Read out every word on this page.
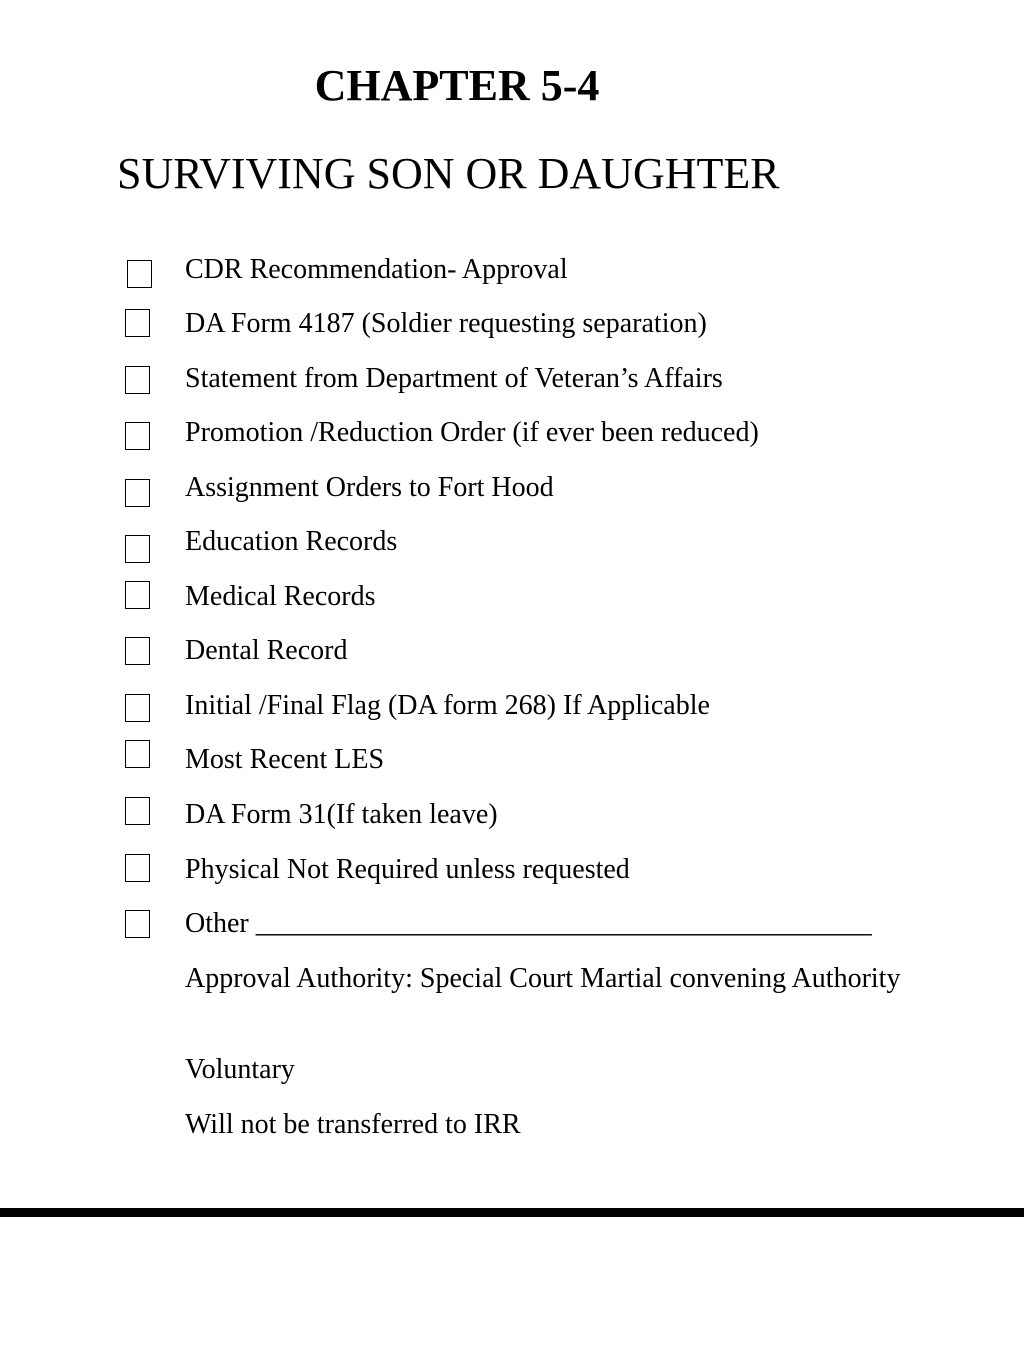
CHAPTER 5-4
SURVIVING SON OR DAUGHTER
CDR Recommendation- Approval
DA Form 4187 (Soldier requesting separation)
Statement from Department of Veteran’s Affairs
Promotion /Reduction Order (if ever been reduced)
Assignment Orders to Fort Hood
Education Records
Medical Records
Dental Record
Initial /Final Flag (DA form 268) If Applicable
Most Recent LES
DA Form 31(If taken leave)
Physical Not Required unless requested
Other ____________________________________________
Approval Authority: Special Court Martial convening Authority
Voluntary
Will not be transferred to IRR
